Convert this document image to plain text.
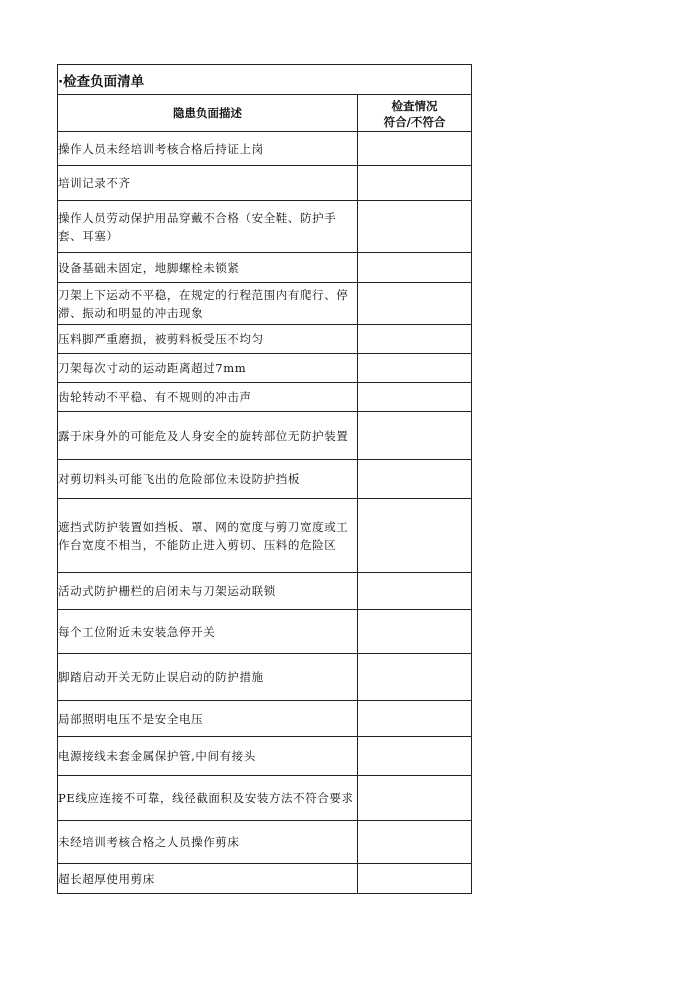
·检查负面清单	
隐患负面描述	检查情况
符合/不符合

操作人员未经培训考核合格后持证上岗	
培训记录不齐	
操作人员劳动保护用品穿戴不合格（安全鞋、防护手套、耳塞）	
设备基础未固定，地脚螺栓未锁紧	
刀架上下运动不平稳，在规定的行程范围内有爬行、停滞、振动和明显的冲击现象	
压料脚严重磨损，被剪料板受压不均匀	
刀架每次寸动的运动距离超过7mm	
齿轮转动不平稳、有不规则的冲击声	
露于床身外的可能危及人身安全的旋转部位无防护装置	
对剪切料头可能飞出的危险部位未设防护挡板	
遮挡式防护装置如挡板、罩、网的宽度与剪刀宽度或工作台宽度不相当，不能防止进入剪切、压料的危险区	
活动式防护栅栏的启闭未与刀架运动联锁	
每个工位附近未安装急停开关	
脚踏启动开关无防止误启动的防护措施	
局部照明电压不是安全电压	
电源接线未套金属保护管,中间有接头	
PE线应连接不可靠，线径截面积及安装方法不符合要求	
未经培训考核合格之人员操作剪床	
超长超厚使用剪床	
